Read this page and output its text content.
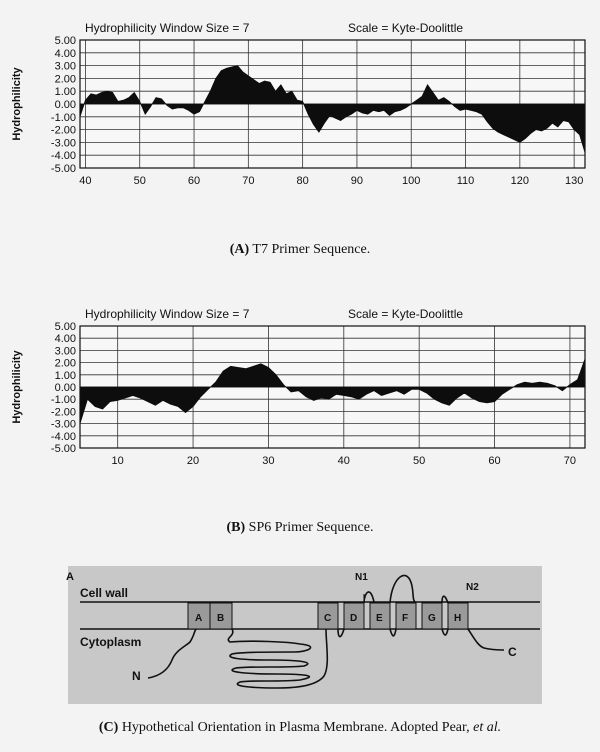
5.00
4.00
3.00
2.00
1.00
0.00
-1.00
-2.00
-3.00
-4.00
-5.00
40	50	60	70	80	90	100	110	120	130
Hydrophilicity Window Size = 7	Scale = Kyte-Doolittle
Hydrophilicity
(A) T7 Primer Sequence.
5.00
4.00
3.00
2.00
1.00
0.00
-1.00
-2.00
-3.00
-4.00
-5.00
10	20	30	40	50	60	70
Hydrophilicity Window Size = 7	Scale = Kyte-Doolittle
Hydrophilicity
(B) SP6 Primer Sequence.
A
Cell wall
Cytoplasm
A B	C D E F G H
N
C
N1
N2
(C) Hypothetical Orientation in Plasma Membrane. Adopted Pear, et al.
